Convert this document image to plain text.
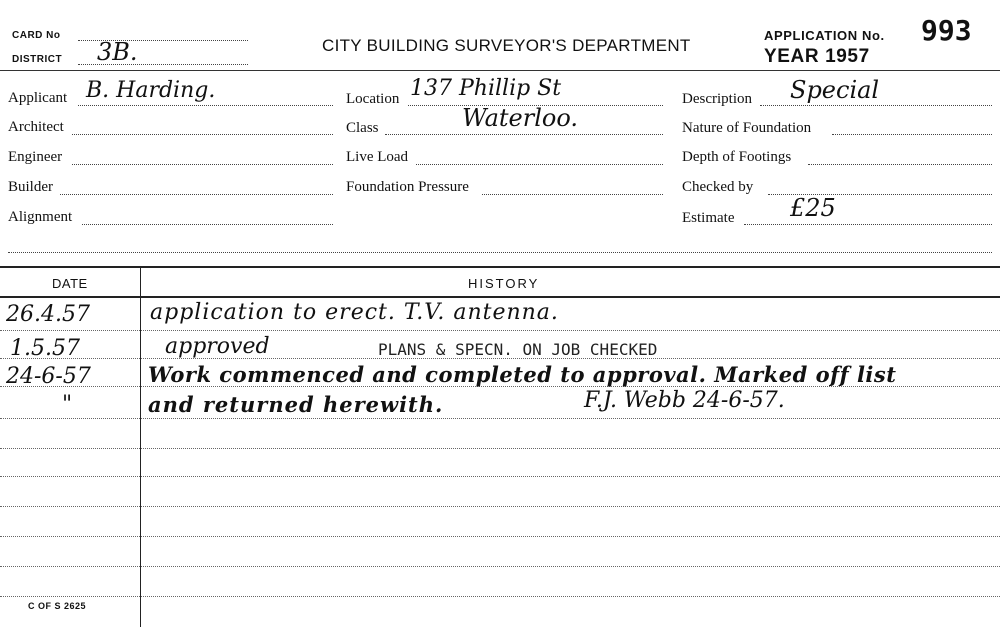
CARD No
DISTRICT 3B.	CITY BUILDING SURVEYOR'S DEPARTMENT
APPLICATION No. 993
YEAR 1957
Applicant B. Harding.
Architect
Engineer
Builder
Alignment
Location 137 Phillip St
Class	Waterloo.
Live Load
Foundation Pressure
Description Special
Nature of Foundation
Depth of Footings
Checked by
Estimate £25
DATE	HISTORY
26.4.57	application to erect. T.V. antenna.
1.5.57	approved	PLANS & SPECN. ON JOB CHECKED
24-6-57	Work commenced and completed to approval. Marked off list
"	and returned herewith.	F.J. Webb 24-6-57.
C OF S 2625
